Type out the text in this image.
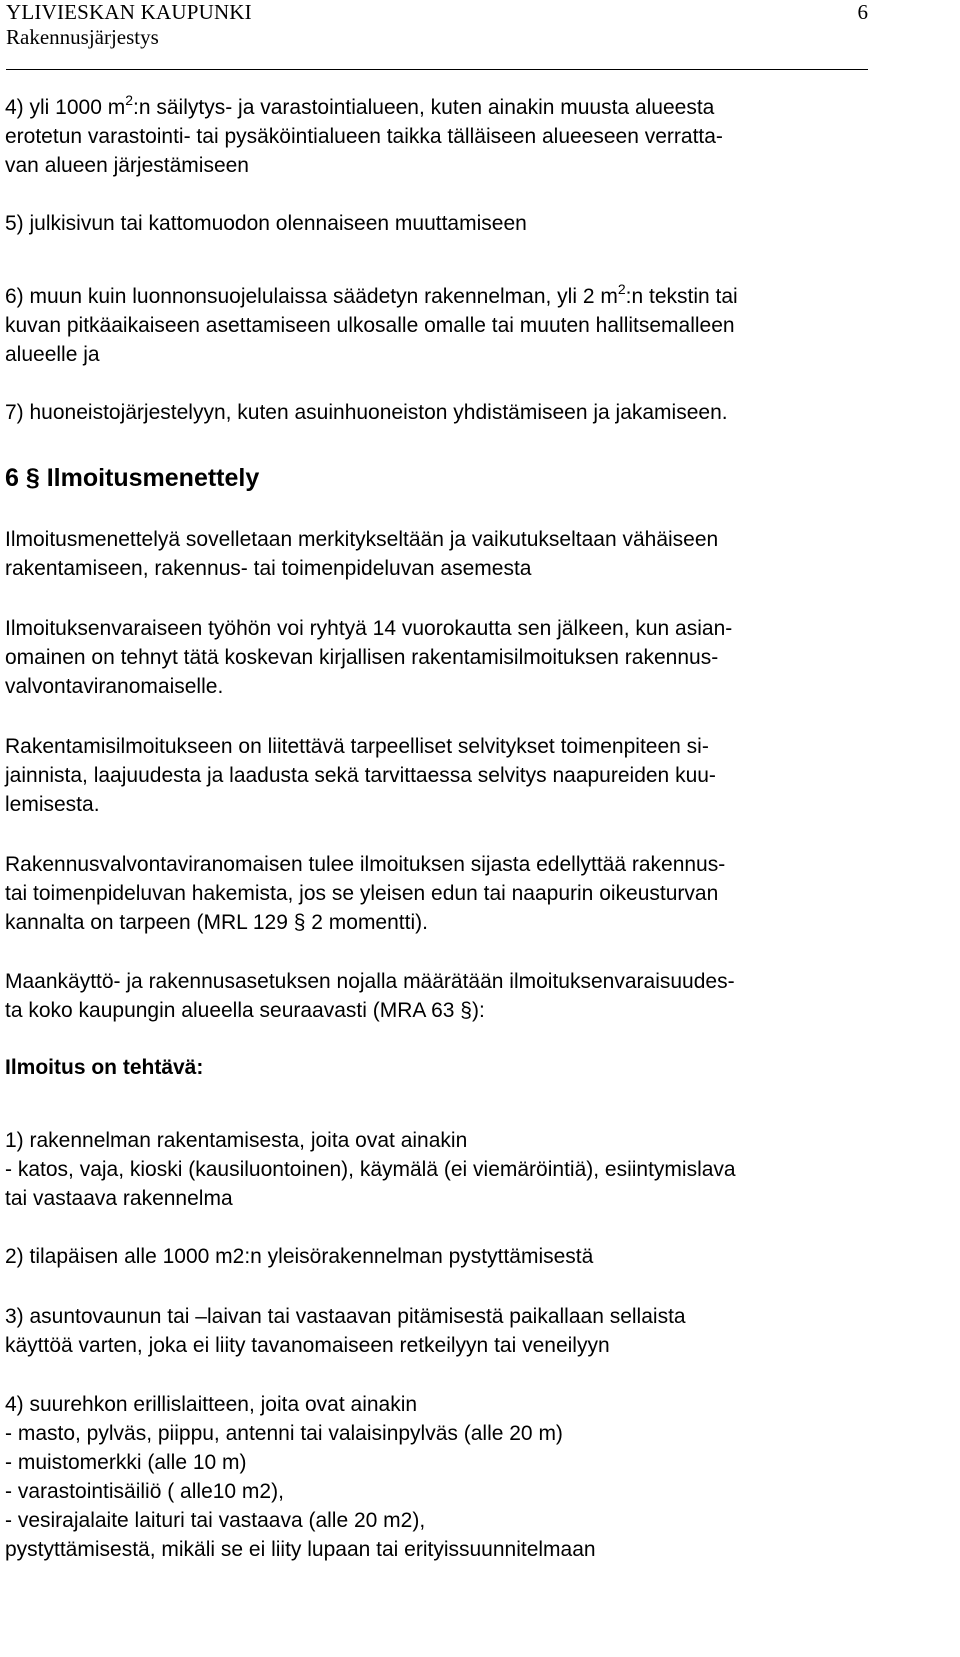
YLIVIESKAN KAUPUNKI
Rakennusjärjestys
6

4) yli 1000 $m^2:n$ säilytys- ja varastointialueen, kuten ainakin muusta alueesta
erotetun varastointi- tai pysäköintialueen taikka tälläiseen alueeseen verratta-
van alueen järjestämiseen

5) julkisivun tai kattomuodon olennaiseen muuttamiseen

6) muun kuin luonnonsuojelulaissa säädetyn rakennelman, yli 2 $m^2:n$ tekstin tai
kuvan pitkäaikaiseen asettamiseen ulkosalle omalle tai muuten hallitsemalleen
alueelle ja

7) huoneistojärjestelyyn, kuten asuinhuoneiston yhdistämiseen ja jakamiseen.

6 § Ilmoitusmenettely

Ilmoitusmenettelyä sovelletaan merkitykseltään ja vaikutukseltaan vähäiseen
rakentamiseen, rakennus- tai toimenpideluvan asemesta

Ilmoituksenvaraiseen työhön voi ryhtyä 14 vuorokautta sen jälkeen, kun asian-
omainen on tehnyt tätä koskevan kirjallisen rakentamisilmoituksen rakennus-
valvontaviranomaiselle.

Rakentamisilmoitukseen on liitettävä tarpeelliset selvitykset toimenpiteen si-
jainnista, laajuudesta ja laadusta sekä tarvittaessa selvitys naapureiden kuu-
lemisesta.

Rakennusvalvontaviranomaisen tulee ilmoituksen sijasta edellyttää rakennus-
tai toimenpideluvan hakemista, jos se yleisen edun tai naapurin oikeusturvan
kannalta on tarpeen (MRL 129 § 2 momentti).

Maankäyttö- ja rakennusasetuksen nojalla määrätään ilmoituksenvaraisuudes-
ta koko kaupungin alueella seuraavasti (MRA 63 §):

Ilmoitus on tehtävä:

1) rakennelman rakentamisesta, joita ovat ainakin
- katos, vaja, kioski (kausiluontoinen), käymälä (ei viemäröintiä), esiintymislava
tai vastaava rakennelma

2) tilapäisen alle 1000 m2:n yleisörakennelman pystyttämisestä

3) asuntovaunun tai –laivan tai vastaavan pitämisestä paikallaan sellaista
käyttöä varten, joka ei liity tavanomaiseen retkeilyyn tai veneilyyn

4) suurehkon erillislaitteen, joita ovat ainakin
- masto, pylväs, piippu, antenni tai valaisinpylväs (alle 20 m)
- muistomerkki (alle 10 m)
- varastointisäiliö ( alle10 m2),
- vesirajalaite laituri tai vastaava (alle 20 m2),
pystyttämisestä, mikäli se ei liity lupaan tai erityissuunnitelmaan
